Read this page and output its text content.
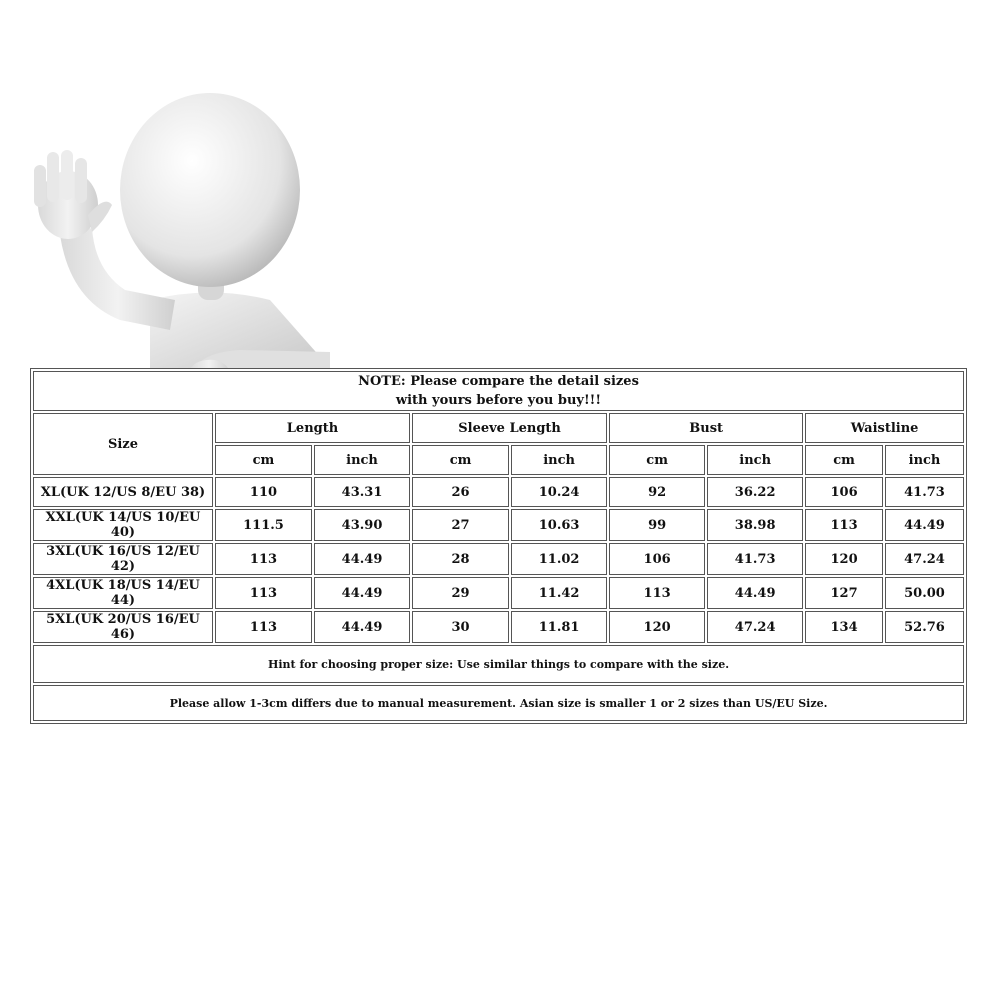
NOTE: Please compare the detail sizes
with yours before you buy!!!								

Size	Length		Sleeve Length		Bust		Waistline	
	cm	inch	cm	inch	cm	inch	cm	inch
XL(UK 12/US 8/EU 38)	110	43.31	26	10.24	92	36.22	106	41.73
XXL(UK 14/US 10/EU 40)	111.5	43.90	27	10.63	99	38.98	113	44.49
3XL(UK 16/US 12/EU 42)	113	44.49	28	11.02	106	41.73	120	47.24
4XL(UK 18/US 14/EU 44)	113	44.49	29	11.42	113	44.49	127	50.00
5XL(UK 20/US 16/EU 46)	113	44.49	30	11.81	120	47.24	134	52.76
Hint for choosing proper size: Use similar things to compare with the size.								
Please allow 1-3cm differs due to manual measurement. Asian size is smaller 1 or 2 sizes than US/EU Size.								
